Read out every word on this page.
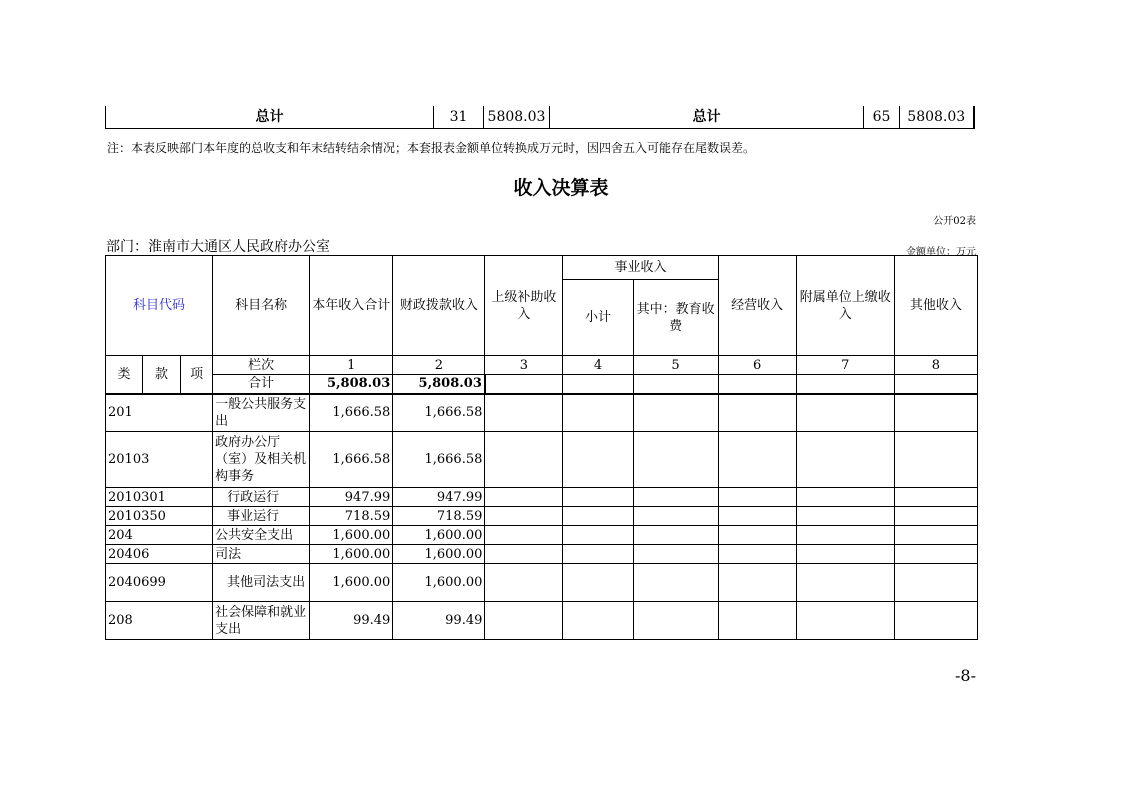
总计	31	5808.03	总计	65	5808.03
注：本表反映部门本年度的总收支和年末结转结余情况；本套报表金额单位转换成万元时，因四舍五入可能存在尾数误差。
收入决算表
公开02表
部门：淮南市大通区人民政府办公室	金额单位：万元
科目代码			科目名称	本年收入合计	财政拨款收入	上级补助收入	事业收入		经营收入	附属单位上缴收入	其他收入
							小计	其中：教育收费			
类	款	项	栏次	1	2	3	4	5	6	7	8
			合计	5,808.03	5,808.03						
201			一般公共服务支出	1,666.58	1,666.58						
20103			政府办公厅（室）及相关机构事务	1,666.58	1,666.58						
2010301			行政运行	947.99	947.99						
2010350			事业运行	718.59	718.59						
204			公共安全支出	1,600.00	1,600.00						
20406			司法	1,600.00	1,600.00						
2040699			其他司法支出	1,600.00	1,600.00						
208			社会保障和就业支出	99.49	99.49						
-8-
